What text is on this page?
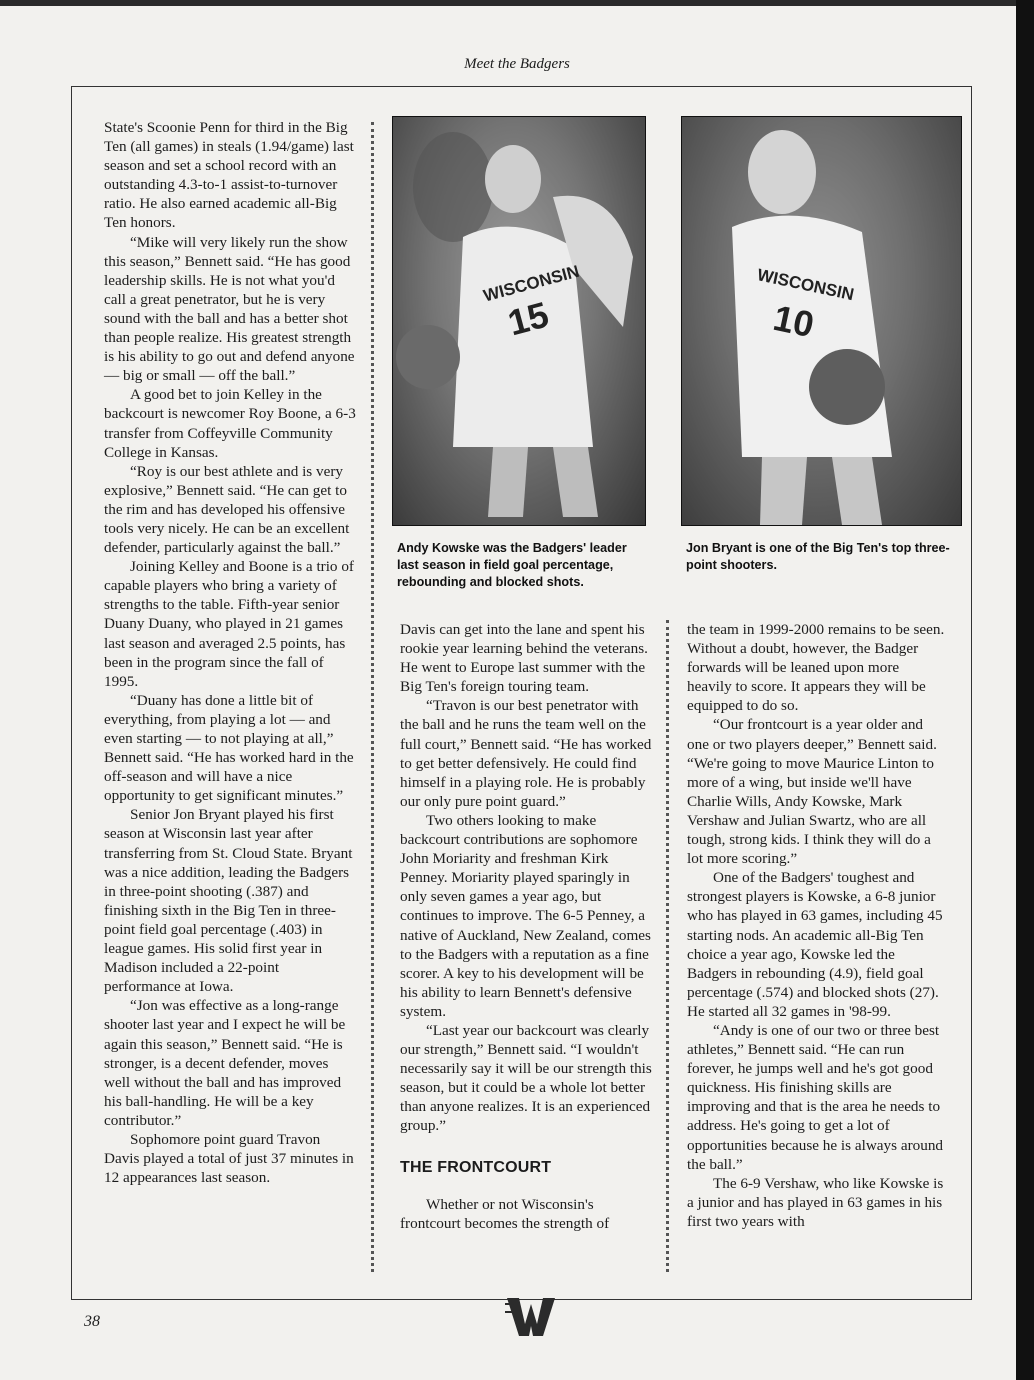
Meet the Badgers

State's Scoonie Penn for third in the Big Ten (all games) in steals (1.94/game) last season and set a school record with an outstanding 4.3-to-1 assist-to-turnover ratio. He also earned academic all-Big Ten honors.

“Mike will very likely run the show this season,” Bennett said. “He has good leadership skills. He is not what you'd call a great penetrator, but he is very sound with the ball and has a better shot than people realize. His greatest strength is his ability to go out and defend anyone — big or small — off the ball.”

A good bet to join Kelley in the backcourt is newcomer Roy Boone, a 6-3 transfer from Coffeyville Community College in Kansas.

“Roy is our best athlete and is very explosive,” Bennett said. “He can get to the rim and has developed his offensive tools very nicely. He can be an excellent defender, particularly against the ball.”

Joining Kelley and Boone is a trio of capable players who bring a variety of strengths to the table. Fifth-year senior Duany Duany, who played in 21 games last season and averaged 2.5 points, has been in the program since the fall of 1995.

“Duany has done a little bit of everything, from playing a lot — and even starting — to not playing at all,” Bennett said. “He has worked hard in the off-season and will have a nice opportunity to get significant minutes.”

Senior Jon Bryant played his first season at Wisconsin last year after transferring from St. Cloud State. Bryant was a nice addition, leading the Badgers in three-point shooting (.387) and finishing sixth in the Big Ten in three-point field goal percentage (.403) in league games. His solid first year in Madison included a 22-point performance at Iowa.

“Jon was effective as a long-range shooter last year and I expect he will be again this season,” Bennett said. “He is stronger, is a decent defender, moves well without the ball and has improved his ball-handling. He will be a key contributor.”

Sophomore point guard Travon Davis played a total of just 37 minutes in 12 appearances last season.

WISCONSIN
15
Andy Kowske was the Badgers' leader last season in field goal percentage, rebounding and blocked shots.
WISCONSIN
10
Jon Bryant is one of the Big Ten's top three-point shooters.

Davis can get into the lane and spent his rookie year learning behind the veterans. He went to Europe last summer with the Big Ten's foreign touring team.

“Travon is our best penetrator with the ball and he runs the team well on the full court,” Bennett said. “He has worked to get better defensively. He could find himself in a playing role. He is probably our only pure point guard.”

Two others looking to make backcourt contributions are sophomore John Moriarity and freshman Kirk Penney. Moriarity played sparingly in only seven games a year ago, but continues to improve. The 6-5 Penney, a native of Auckland, New Zealand, comes to the Badgers with a reputation as a fine scorer. A key to his development will be his ability to learn Bennett's defensive system.

“Last year our backcourt was clearly our strength,” Bennett said. “I wouldn't necessarily say it will be our strength this season, but it could be a whole lot better than anyone realizes. It is an experienced group.”

THE FRONTCOURT

Whether or not Wisconsin's frontcourt becomes the strength of

the team in 1999-2000 remains to be seen. Without a doubt, however, the Badger forwards will be leaned upon more heavily to score. It appears they will be equipped to do so.

“Our frontcourt is a year older and one or two players deeper,” Bennett said. “We're going to move Maurice Linton to more of a wing, but inside we'll have Charlie Wills, Andy Kowske, Mark Vershaw and Julian Swartz, who are all tough, strong kids. I think they will do a lot more scoring.”

One of the Badgers' toughest and strongest players is Kowske, a 6-8 junior who has played in 63 games, including 45 starting nods. An academic all-Big Ten choice a year ago, Kowske led the Badgers in rebounding (4.9), field goal percentage (.574) and blocked shots (27). He started all 32 games in '98-99.

“Andy is one of our two or three best athletes,” Bennett said. “He can run forever, he jumps well and he's got good quickness. His finishing skills are improving and that is the area he needs to address. He's going to get a lot of opportunities because he is always around the ball.”

The 6-9 Vershaw, who like Kowske is a junior and has played in 63 games in his first two years with

38
